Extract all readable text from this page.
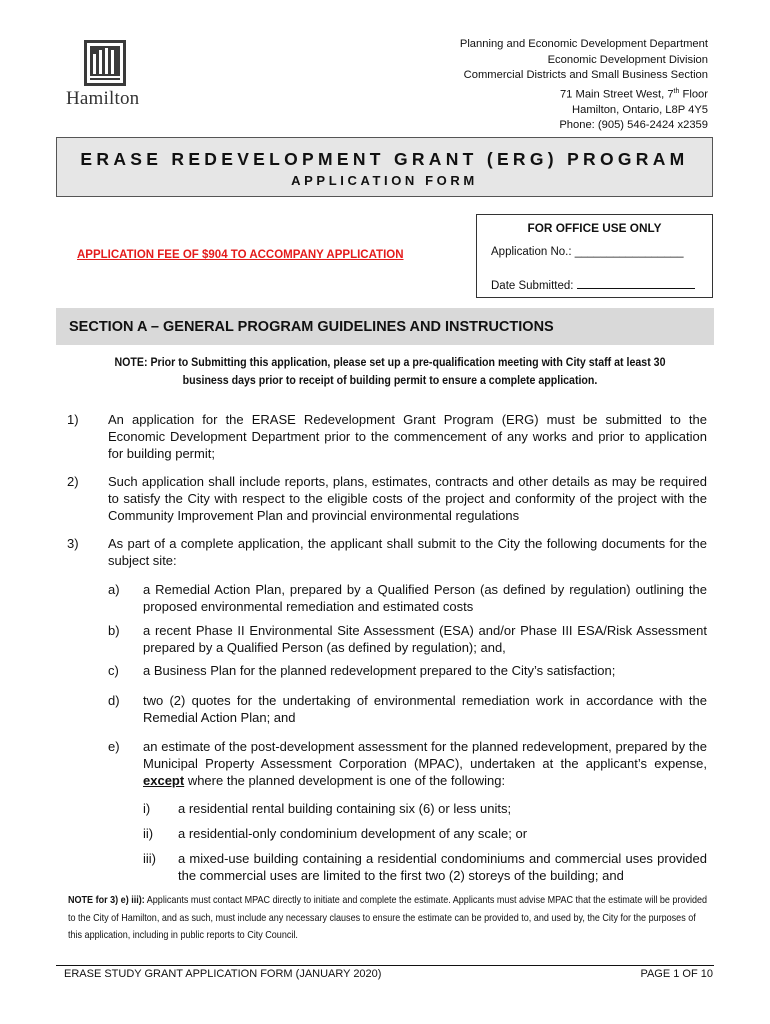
Hamilton
Planning and Economic Development Department
Economic Development Division
Commercial Districts and Small Business Section
71 Main Street West, 7th Floor
Hamilton, Ontario, L8P 4Y5
Phone: (905) 546-2424 x2359
ERASE REDEVELOPMENT GRANT (ERG) PROGRAM
APPLICATION FORM
APPLICATION FEE OF $904 TO ACCOMPANY APPLICATION
FOR OFFICE USE ONLY
Application No.: _________________
Date Submitted:
SECTION A – GENERAL PROGRAM GUIDELINES AND INSTRUCTIONS
NOTE: Prior to Submitting this application, please set up a pre-qualification meeting with City staff at least 30
business days prior to receipt of building permit to ensure a complete application.
1) An application for the ERASE Redevelopment Grant Program (ERG) must be submitted to the Economic Development Department prior to the commencement of any works and prior to application for building permit;
2) Such application shall include reports, plans, estimates, contracts and other details as may be required to satisfy the City with respect to the eligible costs of the project and conformity of the project with the Community Improvement Plan and provincial environmental regulations
3) As part of a complete application, the applicant shall submit to the City the following documents for the subject site:
a) a Remedial Action Plan, prepared by a Qualified Person (as defined by regulation) outlining the proposed environmental remediation and estimated costs
b) a recent Phase II Environmental Site Assessment (ESA) and/or Phase III ESA/Risk Assessment prepared by a Qualified Person (as defined by regulation); and,
c) a Business Plan for the planned redevelopment prepared to the City’s satisfaction;
d) two (2) quotes for the undertaking of environmental remediation work in accordance with the Remedial Action Plan; and
e) an estimate of the post-development assessment for the planned redevelopment, prepared by the Municipal Property Assessment Corporation (MPAC), undertaken at the applicant’s expense, except where the planned development is one of the following:
i) a residential rental building containing six (6) or less units;
ii) a residential-only condominium development of any scale; or
iii) a mixed-use building containing a residential condominiums and commercial uses provided the commercial uses are limited to the first two (2) storeys of the building; and
NOTE for 3) e) iii): Applicants must contact MPAC directly to initiate and complete the estimate. Applicants must advise MPAC that the estimate will be provided to the City of Hamilton, and as such, must include any necessary clauses to ensure the estimate can be provided to, and used by, the City for the purposes of this application, including in public reports to City Council.
ERASE STUDY GRANT APPLICATION FORM (JANUARY 2020)	PAGE 1 OF 10
